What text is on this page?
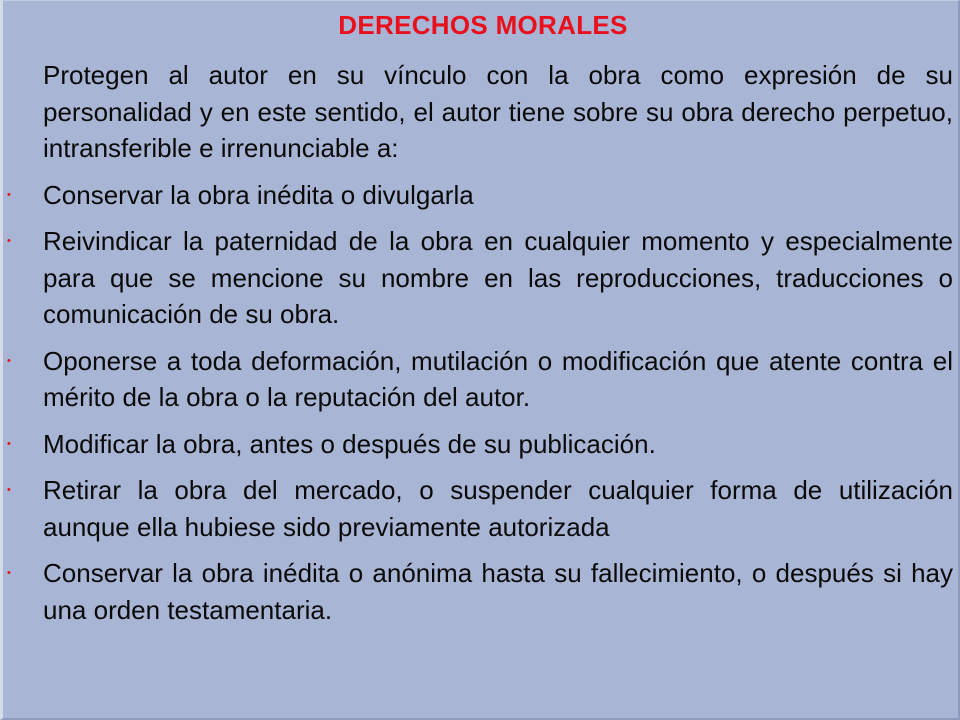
DERECHOS MORALES

Protegen al autor en su vínculo con la obra como expresión de su personalidad y en este sentido, el autor tiene sobre su obra derecho perpetuo, intransferible e irrenunciable a:

• Conservar la obra inédita o divulgarla
• Reivindicar la paternidad de la obra en cualquier momento y especialmente para que se mencione su nombre en las reproducciones, traducciones o comunicación de su obra.
• Oponerse a toda deformación, mutilación o modificación que atente contra el mérito de la obra o la reputación del autor.
• Modificar la obra, antes o después de su publicación.
• Retirar la obra del mercado, o suspender cualquier forma de utilización aunque ella hubiese sido previamente autorizada
• Conservar la obra inédita o anónima hasta su fallecimiento, o después si hay una orden testamentaria.
